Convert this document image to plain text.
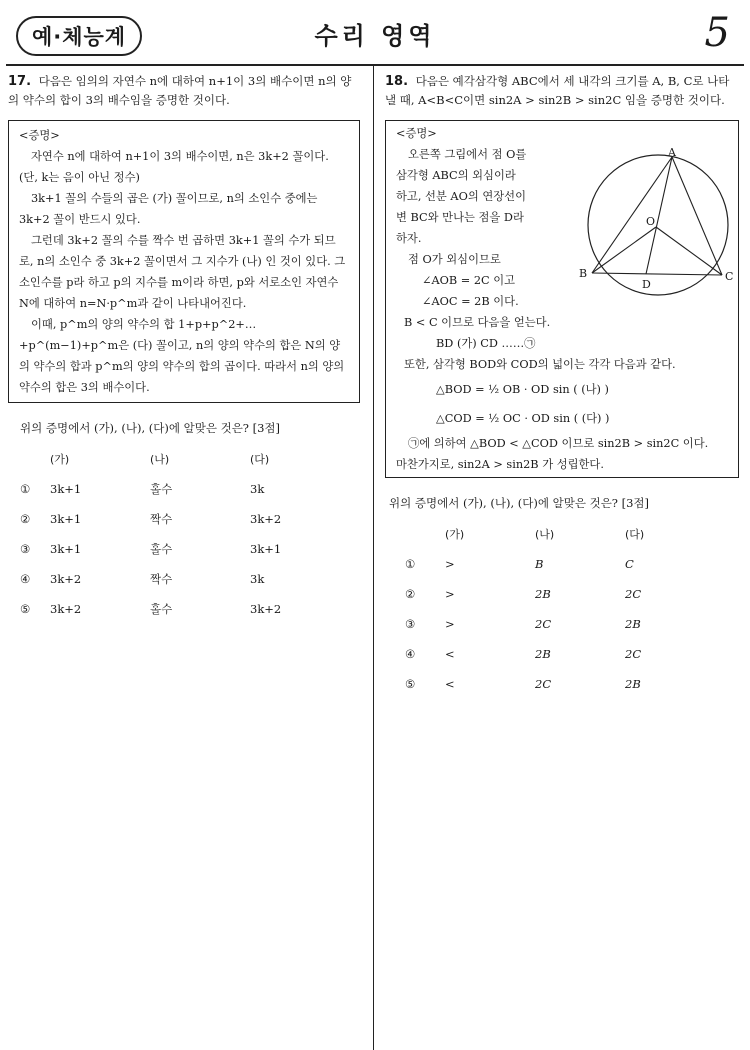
예·체능계	수리 영역	5

17. 다음은 임의의 자연수 n에 대하여 n+1이 3의 배수이면 n의 양의 약수의 합이 3의 배수임을 증명한 것이다.

<증명>

자연수 n에 대하여 n+1이 3의 배수이면, n은 3k+2 꼴이다. (단, k는 음이 아닌 정수)

3k+1 꼴의 수들의 곱은 (가) 꼴이므로, n의 소인수 중에는 3k+2 꼴이 반드시 있다.

그런데 3k+2 꼴의 수를 짝수 번 곱하면 3k+1 꼴의 수가 되므로, n의 소인수 중 3k+2 꼴이면서 그 지수가 (나) 인 것이 있다. 그 소인수를 p라 하고 p의 지수를 m이라 하면, p와 서로소인 자연수 N에 대하여 n=N·p^m과 같이 나타내어진다.

이때, p^m의 양의 약수의 합 1+p+p^2+…+p^(m−1)+p^m은 (다) 꼴이고, n의 양의 약수의 합은 N의 양의 약수의 합과 p^m의 양의 약수의 합의 곱이다. 따라서 n의 양의 약수의 합은 3의 배수이다.

위의 증명에서 (가), (나), (다)에 알맞은 것은? [3점]

	(가)	(나)	(다)
①	3k+1	홀수	3k
②	3k+1	짝수	3k+2
③	3k+1	홀수	3k+1
④	3k+2	짝수	3k
⑤	3k+2	홀수	3k+2

18. 다음은 예각삼각형 ABC에서 세 내각의 크기를 A, B, C로 나타낼 때, A<B<C이면 sin2A > sin2B > sin2C 임을 증명한 것이다.

<증명>

오른쪽 그림에서 점 O를

삼각형 ABC의 외심이라

하고, 선분 AO의 연장선이

변 BC와 만나는 점을 D라

하자.

점 O가 외심이므로

∠AOB = 2C 이고

∠AOC = 2B 이다.

B < C 이므로 다음을 얻는다.

BD (가) CD ……㉠

또한, 삼각형 BOD와 COD의 넓이는 각각 다음과 같다.

△BOD = ½ OB · OD sin ( (나) )

△COD = ½ OC · OD sin ( (다) )

㉠에 의하여 △BOD < △COD 이므로 sin2B > sin2C 이다.

마찬가지로, sin2A > sin2B 가 성립한다.

A
B	C
D
O

위의 증명에서 (가), (나), (다)에 알맞은 것은? [3점]

	(가)	(나)	(다)
①	>	B	C
②	>	2B	2C
③	>	2C	2B
④	<	2B	2C
⑤	<	2C	2B
